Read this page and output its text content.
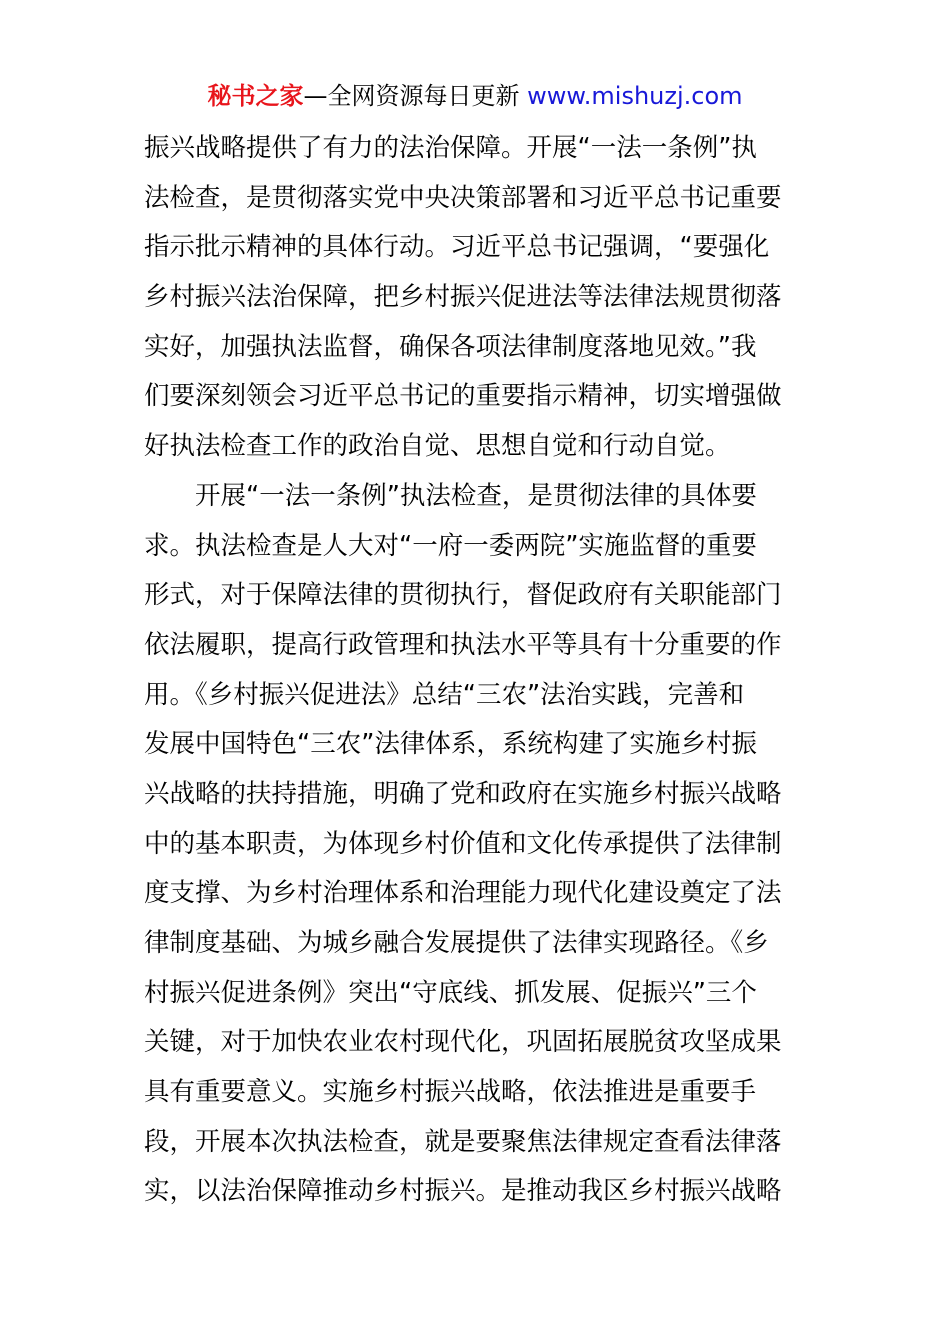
秘书之家—全网资源每日更新 www.mishuzj.com
振兴战略提供了有力的法治保障。开展“一法一条例”执
法检查，是贯彻落实党中央决策部署和习近平总书记重要
指示批示精神的具体行动。习近平总书记强调，“要强化
乡村振兴法治保障，把乡村振兴促进法等法律法规贯彻落
实好，加强执法监督，确保各项法律制度落地见效。”我
们要深刻领会习近平总书记的重要指示精神，切实增强做
好执法检查工作的政治自觉、思想自觉和行动自觉。
开展“一法一条例”执法检查，是贯彻法律的具体要
求。执法检查是人大对“一府一委两院”实施监督的重要
形式，对于保障法律的贯彻执行，督促政府有关职能部门
依法履职，提高行政管理和执法水平等具有十分重要的作
用。《乡村振兴促进法》总结“三农”法治实践，完善和
发展中国特色“三农”法律体系，系统构建了实施乡村振
兴战略的扶持措施，明确了党和政府在实施乡村振兴战略
中的基本职责，为体现乡村价值和文化传承提供了法律制
度支撑、为乡村治理体系和治理能力现代化建设奠定了法
律制度基础、为城乡融合发展提供了法律实现路径。《乡
村振兴促进条例》突出“守底线、抓发展、促振兴”三个
关键，对于加快农业农村现代化，巩固拓展脱贫攻坚成果
具有重要意义。实施乡村振兴战略，依法推进是重要手
段，开展本次执法检查，就是要聚焦法律规定查看法律落
实，以法治保障推动乡村振兴。是推动我区乡村振兴战略
